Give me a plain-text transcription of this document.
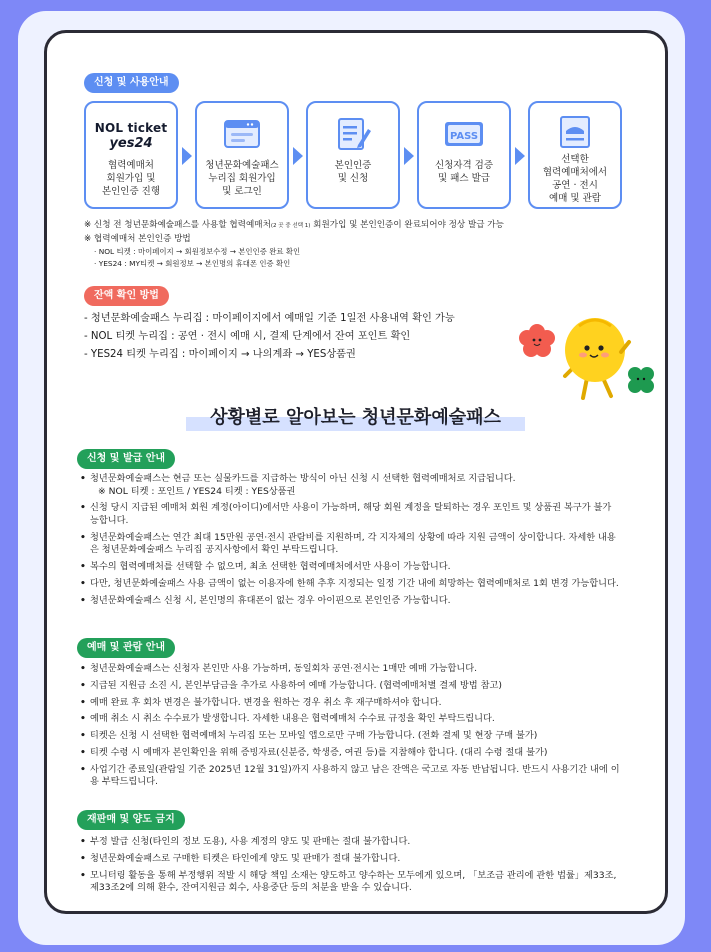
신청 및 사용안내
NOL ticket
yes24
협력예매처
회원가입 및
본인인증 진행
청년문화예술패스
누리집 회원가입
및 로그인
본인인증
및 신청
PASS
신청자격 검증
및 패스 발급
선택한
협력예매처에서
공연 · 전시
예매 및 관람
※ 신청 전 청년문화예술패스를 사용할 협력예매처(2 곳 중 선택 1) 회원가입 및 본인인증이 완료되어야 정상 발급 가능
※ 협력예매처 본인인증 방법
· NOL 티켓 : 마이페이지 → 회원정보수정 → 본인인증 완료 확인
· YES24 : MY티켓 → 회원정보 → 본인명의 휴대폰 인증 확인
잔액 확인 방법
- 청년문화예술패스 누리집 : 마이페이지에서 예매일 기준 1일전 사용내역 확인 가능
- NOL 티켓 누리집 : 공연 · 전시 예매 시, 결제 단계에서 잔여 포인트 확인
- YES24 티켓 누리집 : 마이페이지 → 나의계좌 → YES상품권
상황별로 알아보는 청년문화예술패스
신청 및 발급 안내
• 청년문화예술패스는 현금 또는 실물카드를 지급하는 방식이 아닌 신청 시 선택한 협력예매처로 지급됩니다.
※ NOL 티켓 : 포인트 / YES24 티켓 : YES상품권
• 신청 당시 지급된 예매처 회원 계정(아이디)에서만 사용이 가능하며, 해당 회원 계정을 탈퇴하는 경우 포인트 및 상품권 복구가 불가능합니다.
• 청년문화예술패스는 연간 최대 15만원 공연·전시 관람비를 지원하며, 각 지자체의 상황에 따라 지원 금액이 상이합니다. 자세한 내용은 청년문화예술패스 누리집 공지사항에서 확인 부탁드립니다.
• 복수의 협력예매처를 선택할 수 없으며, 최초 선택한 협력예매처에서만 사용이 가능합니다.
• 다만, 청년문화예술패스 사용 금액이 없는 이용자에 한해 추후 지정되는 일정 기간 내에 희망하는 협력예매처로 1회 변경 가능합니다.
• 청년문화예술패스 신청 시, 본인명의 휴대폰이 없는 경우 아이핀으로 본인인증 가능합니다.
예매 및 관람 안내
• 청년문화예술패스는 신청자 본인만 사용 가능하며, 동일회차 공연·전시는 1매만 예매 가능합니다.
• 지급된 지원금 소진 시, 본인부담금을 추가로 사용하여 예매 가능합니다. (협력예매처별 결제 방법 참고)
• 예매 완료 후 회차 변경은 불가합니다. 변경을 원하는 경우 취소 후 재구매하셔야 합니다.
• 예매 취소 시 취소 수수료가 발생합니다. 자세한 내용은 협력예매처 수수료 규정을 확인 부탁드립니다.
• 티켓은 신청 시 선택한 협력예매처 누리집 또는 모바일 앱으로만 구매 가능합니다. (전화 결제 및 현장 구매 불가)
• 티켓 수령 시 예매자 본인확인을 위해 증빙자료(신분증, 학생증, 여권 등)를 지참해야 합니다. (대리 수령 절대 불가)
• 사업기간 종료일(관람일 기준 2025년 12월 31일)까지 사용하지 않고 남은 잔액은 국고로 자동 반납됩니다. 반드시 사용기간 내에 이용 부탁드립니다.
재판매 및 양도 금지
• 부정 발급 신청(타인의 정보 도용), 사용 계정의 양도 및 판매는 절대 불가합니다.
• 청년문화예술패스로 구매한 티켓은 타인에게 양도 및 판매가 절대 불가합니다.
• 모니터링 활동을 통해 부정행위 적발 시 해당 책임 소재는 양도하고 양수하는 모두에게 있으며, 「보조금 관리에 관한 법률」제33조, 제33조2에 의해 환수, 잔여지원금 회수, 사용중단 등의 처분을 받을 수 있습니다.
